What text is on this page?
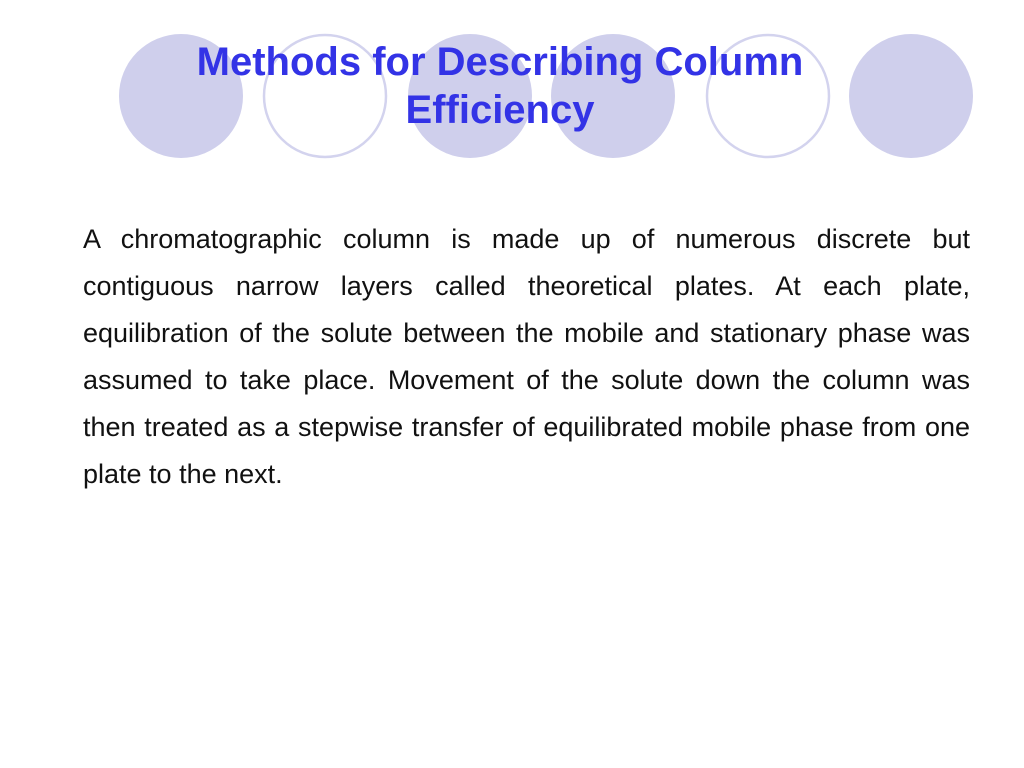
Methods for Describing Column Efficiency

A chromatographic column is made up of numerous discrete but contiguous narrow layers called theoretical plates. At each plate, equilibration of the solute between the mobile and stationary phase was assumed to take place. Movement of the solute down the column was then treated as a stepwise transfer of equilibrated mobile phase from one plate to the next.
